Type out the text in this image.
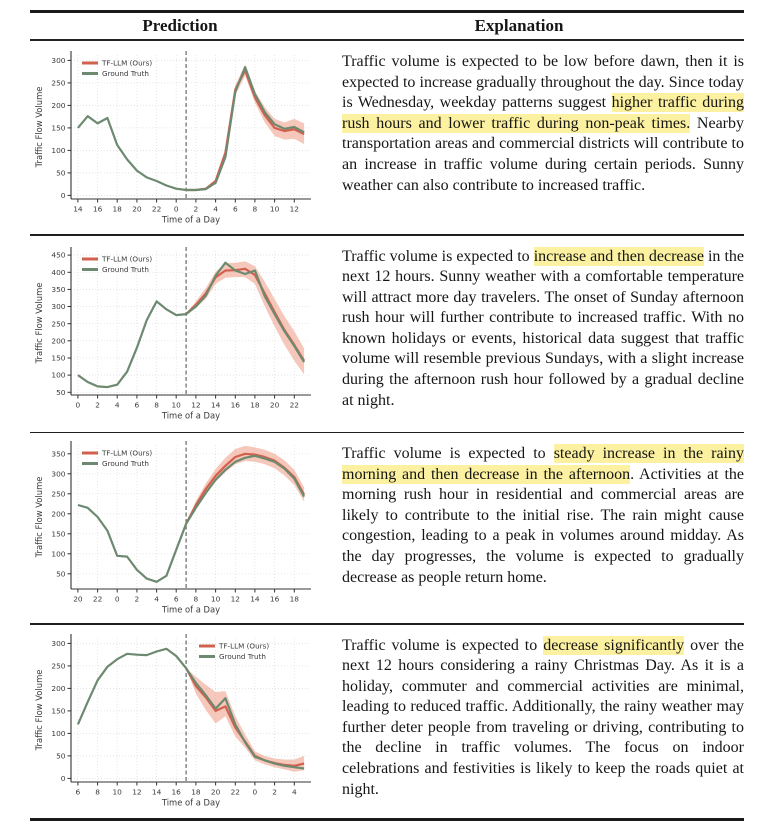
Prediction	Explanation
0
50
100
150
200
250
300
14 16 18 20 22 0 2 4 6 8 10 12
Time of a Day
Traffic Flow Volume
TF-LLM (Ours)
Ground Truth

Traffic volume is expected to be low before dawn, then it is expected to increase gradually throughout the day. Since today is Wednesday, weekday patterns suggest higher traffic during rush hours and lower traffic during non-peak times. Nearby transportation areas and commercial districts will contribute to an increase in traffic volume during certain periods. Sunny weather can also contribute to increased traffic.

50
100
150
200
250
300
350
400
450
0 2 4 6 8 10 12 14 16 18 20 22
Time of a Day
Traffic Flow Volume
TF-LLM (Ours)
Ground Truth

Traffic volume is expected to increase and then decrease in the next 12 hours. Sunny weather with a comfortable temperature will attract more day travelers. The onset of Sunday afternoon rush hour will further contribute to increased traffic. With no known holidays or events, historical data suggest that traffic volume will resemble previous Sundays, with a slight increase during the afternoon rush hour followed by a gradual decline at night.

50
100
150
200
250
300
350
20 22 0 2 4 6 8 10 12 14 16 18
Time of a Day
Traffic Flow Volume
TF-LLM (Ours)
Ground Truth

Traffic volume is expected to steady increase in the rainy morning and then decrease in the afternoon. Activities at the morning rush hour in residential and commercial areas are likely to contribute to the initial rise. The rain might cause congestion, leading to a peak in volumes around midday. As the day progresses, the volume is expected to gradually decrease as people return home.

0
50
100
150
200
250
300
6 8 10 12 14 16 18 20 22 0 2 4
Time of a Day
Traffic Flow Volume
TF-LLM (Ours)
Ground Truth

Traffic volume is expected to decrease significantly over the next 12 hours considering a rainy Christmas Day. As it is a holiday, commuter and commercial activities are minimal, leading to reduced traffic. Additionally, the rainy weather may further deter people from traveling or driving, contributing to the decline in traffic volumes. The focus on indoor celebrations and festivities is likely to keep the roads quiet at night.
